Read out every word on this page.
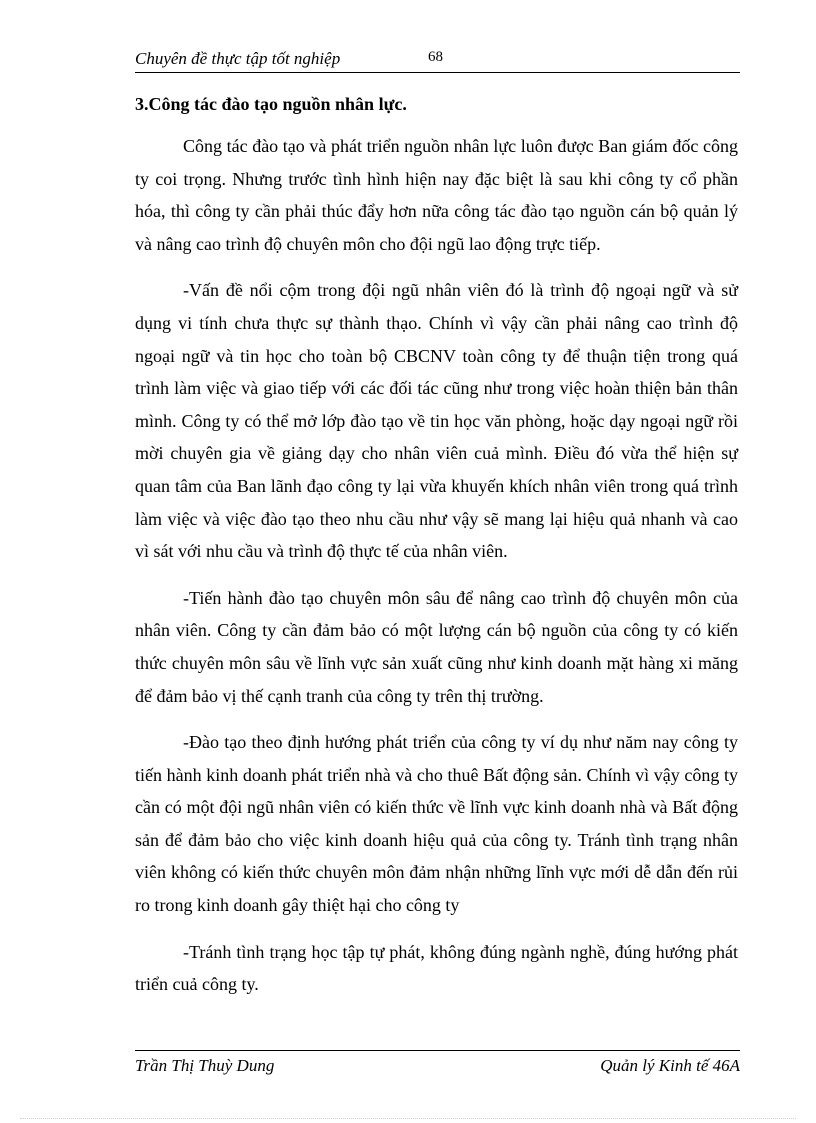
Chuyên đề thực tập tốt nghiệp	68
3.Công tác đào tạo nguồn nhân lực.

Công tác đào tạo và phát triển nguồn nhân lực luôn được Ban giám đốc công ty coi trọng. Nhưng trước tình hình hiện nay đặc biệt là sau khi công ty cổ phần hóa, thì công ty cần phải thúc đẩy hơn nữa công tác đào tạo nguồn cán bộ quản lý và nâng cao trình độ chuyên môn cho đội ngũ lao động trực tiếp.

-Vấn đề nổi cộm trong đội ngũ nhân viên đó là trình độ ngoại ngữ và sử dụng vi tính chưa thực sự thành thạo. Chính vì vậy cần phải nâng cao trình độ ngoại ngữ và tin học cho toàn bộ CBCNV toàn công ty để thuận tiện trong quá trình làm việc và giao tiếp với các đối tác cũng như trong việc hoàn thiện bản thân mình. Công ty có thể mở lớp đào tạo về tin học văn phòng, hoặc dạy ngoại ngữ rồi mời chuyên gia về giảng dạy cho nhân viên cuả mình. Điều đó vừa thể hiện sự quan tâm của Ban lãnh đạo công ty lại vừa khuyến khích nhân viên trong quá trình làm việc và việc đào tạo theo nhu cầu như vậy sẽ mang lại hiệu quả nhanh và cao vì sát với nhu cầu và trình độ thực tế của nhân viên.

-Tiến hành đào tạo chuyên môn sâu để nâng cao trình độ chuyên môn của nhân viên. Công ty cần đảm bảo có một lượng cán bộ nguồn của công ty có kiến thức chuyên môn sâu về lĩnh vực sản xuất cũng như kinh doanh mặt hàng xi măng để đảm bảo vị thế cạnh tranh của công ty trên thị trường.

-Đào tạo theo định hướng phát triển của công ty ví dụ như năm nay công ty tiến hành kinh doanh phát triển nhà và cho thuê Bất động sản. Chính vì vậy công ty cần có một đội ngũ nhân viên có kiến thức về lĩnh vực kinh doanh nhà và Bất động sản để đảm bảo cho việc kinh doanh hiệu quả của công ty. Tránh tình trạng nhân viên không có kiến thức chuyên môn đảm nhận những lĩnh vực mới dễ dẫn đến rủi ro trong kinh doanh gây thiệt hại cho công ty

-Tránh tình trạng học tập tự phát, không đúng ngành nghề, đúng hướng phát triển cuả công ty.

Trần Thị Thuỳ Dung	Quản lý Kinh tế 46A
